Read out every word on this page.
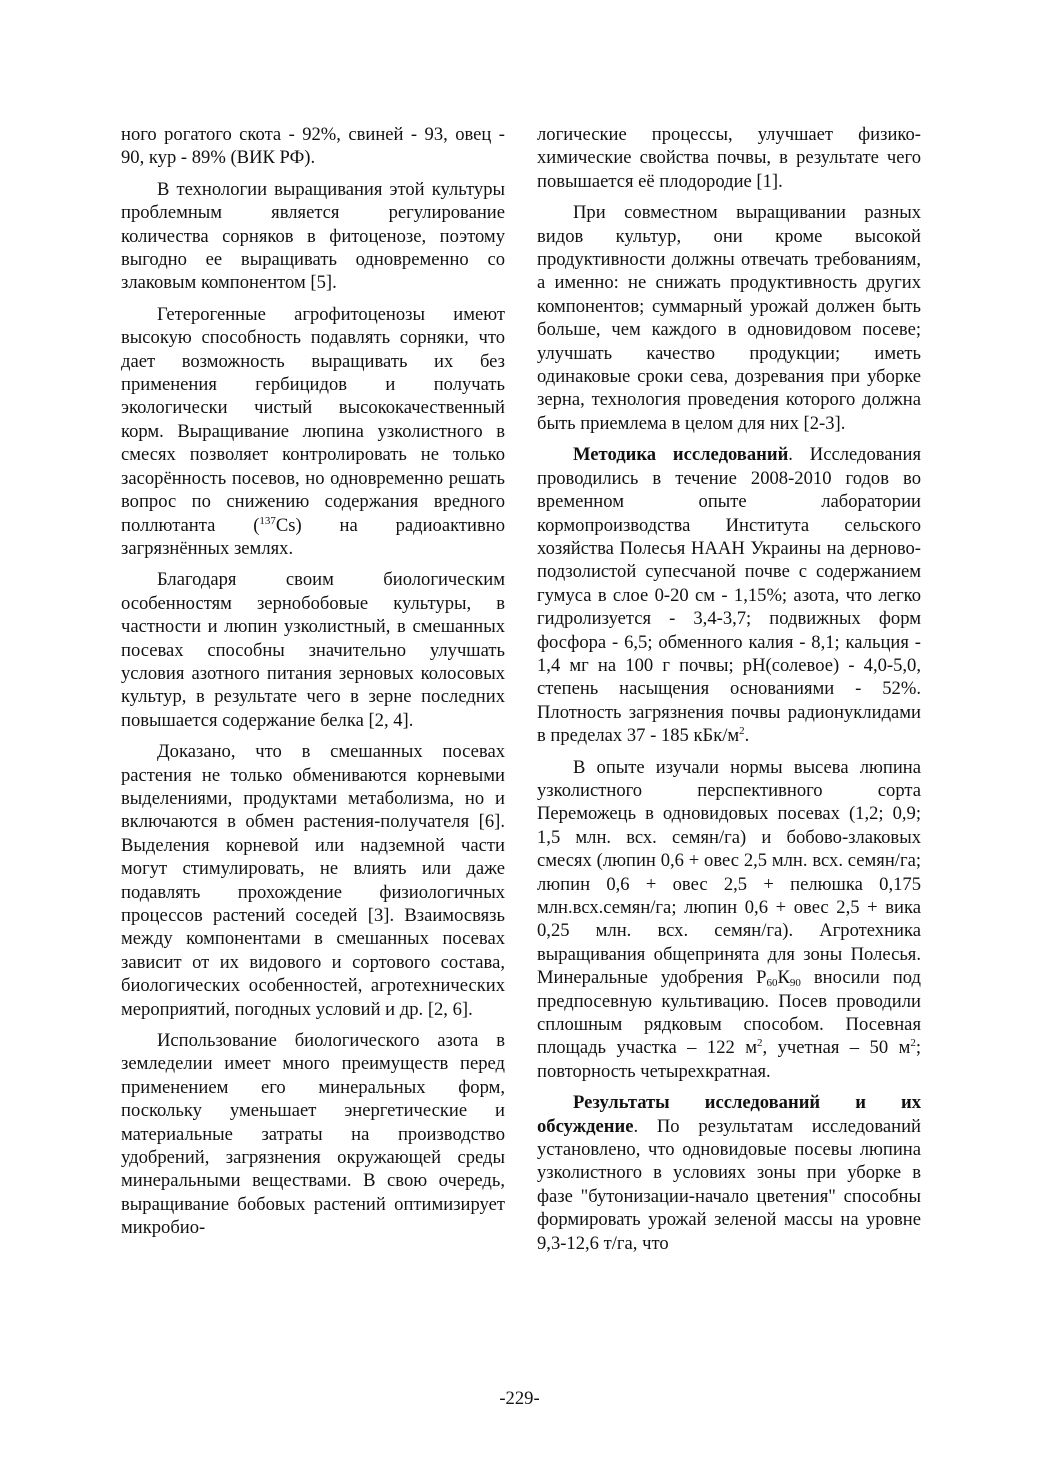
ного рогатого скота - 92%, свиней - 93, овец - 90, кур - 89% (ВИК РФ).

В технологии выращивания этой культуры проблемным является регулирование количества сорняков в фитоценозе, поэтому выгодно ее выращивать одновременно со злаковым компонентом [5].

Гетерогенные агрофитоценозы имеют высокую способность подавлять сорняки, что дает возможность выращивать их без применения гербицидов и получать экологически чистый высококачественный корм. Выращивание люпина узколистного в смесях позволяет контролировать не только засорённость посевов, но одновременно решать вопрос по снижению содержания вредного поллютанта ($^{137}$Cs) на радиоактивно загрязнённых землях.

Благодаря своим биологическим особенностям зернобобовые культуры, в частности и люпин узколистный, в смешанных посевах способны значительно улучшать условия азотного питания зерновых колосовых культур, в результате чего в зерне последних повышается содержание белка [2, 4].

Доказано, что в смешанных посевах растения не только обмениваются корневыми выделениями, продуктами метаболизма, но и включаются в обмен растения-получателя [6]. Выделения корневой или надземной части могут стимулировать, не влиять или даже подавлять прохождение физиологичных процессов растений соседей [3]. Взаимосвязь между компонентами в смешанных посевах зависит от их видового и сортового состава, биологических особенностей, агротехнических мероприятий, погодных условий и др. [2, 6].

Использование биологического азота в земледелии имеет много преимуществ перед применением его минеральных форм, поскольку уменьшает энергетические и материальные затраты на производство удобрений, загрязнения окружающей среды минеральными веществами. В свою очередь, выращивание бобовых растений оптимизирует микробио-

логические процессы, улучшает физико-химические свойства почвы, в результате чего повышается её плодородие [1].

При совместном выращивании разных видов культур, они кроме высокой продуктивности должны отвечать требованиям, а именно: не снижать продуктивность других компонентов; суммарный урожай должен быть больше, чем каждого в одновидовом посеве; улучшать качество продукции; иметь одинаковые сроки сева, дозревания при уборке зерна, технология проведения которого должна быть приемлема в целом для них [2-3].

Методика исследований. Исследования проводились в течение 2008-2010 годов во временном опыте лаборатории кормопроизводства Института сельского хозяйства Полесья НААН Украины на дерново-подзолистой супесчаной почве с содержанием гумуса в слое 0-20 см - 1,15%; азота, что легко гидролизуется - 3,4-3,7; подвижных форм фосфора - 6,5; обменного калия - 8,1; кальция - 1,4 мг на 100 г почвы; рН(солевое) - 4,0-5,0, степень насыщения основаниями - 52%. Плотность загрязнения почвы радионуклидами в пределах 37 - 185 кБк/$м^2$.

В опыте изучали нормы высева люпина узколистного перспективного сорта Переможець в одновидовых посевах (1,2; 0,9; 1,5 млн. всх. семян/га) и бобово-злаковых смесях (люпин 0,6 + овес 2,5 млн. всх. семян/га; люпин 0,6 + овес 2,5 + пелюшка 0,175 млн.всх.семян/га; люпин 0,6 + овес 2,5 + вика 0,25 млн. всх. семян/га). Агротехника выращивания общепринята для зоны Полесья. Минеральные удобрения $Р_{60}К_{90}$ вносили под предпосевную культивацию. Посев проводили сплошным рядковым способом. Посевная площадь участка – 122 $м^2$, учетная – 50 $м^2$; повторность четырехкратная.

Результаты исследований и их обсуждение. По результатам исследований установлено, что одновидовые посевы люпина узколистного в условиях зоны при уборке в фазе "бутонизации-начало цветения" способны формировать урожай зеленой массы на уровне 9,3-12,6 т/га, что

-229-
